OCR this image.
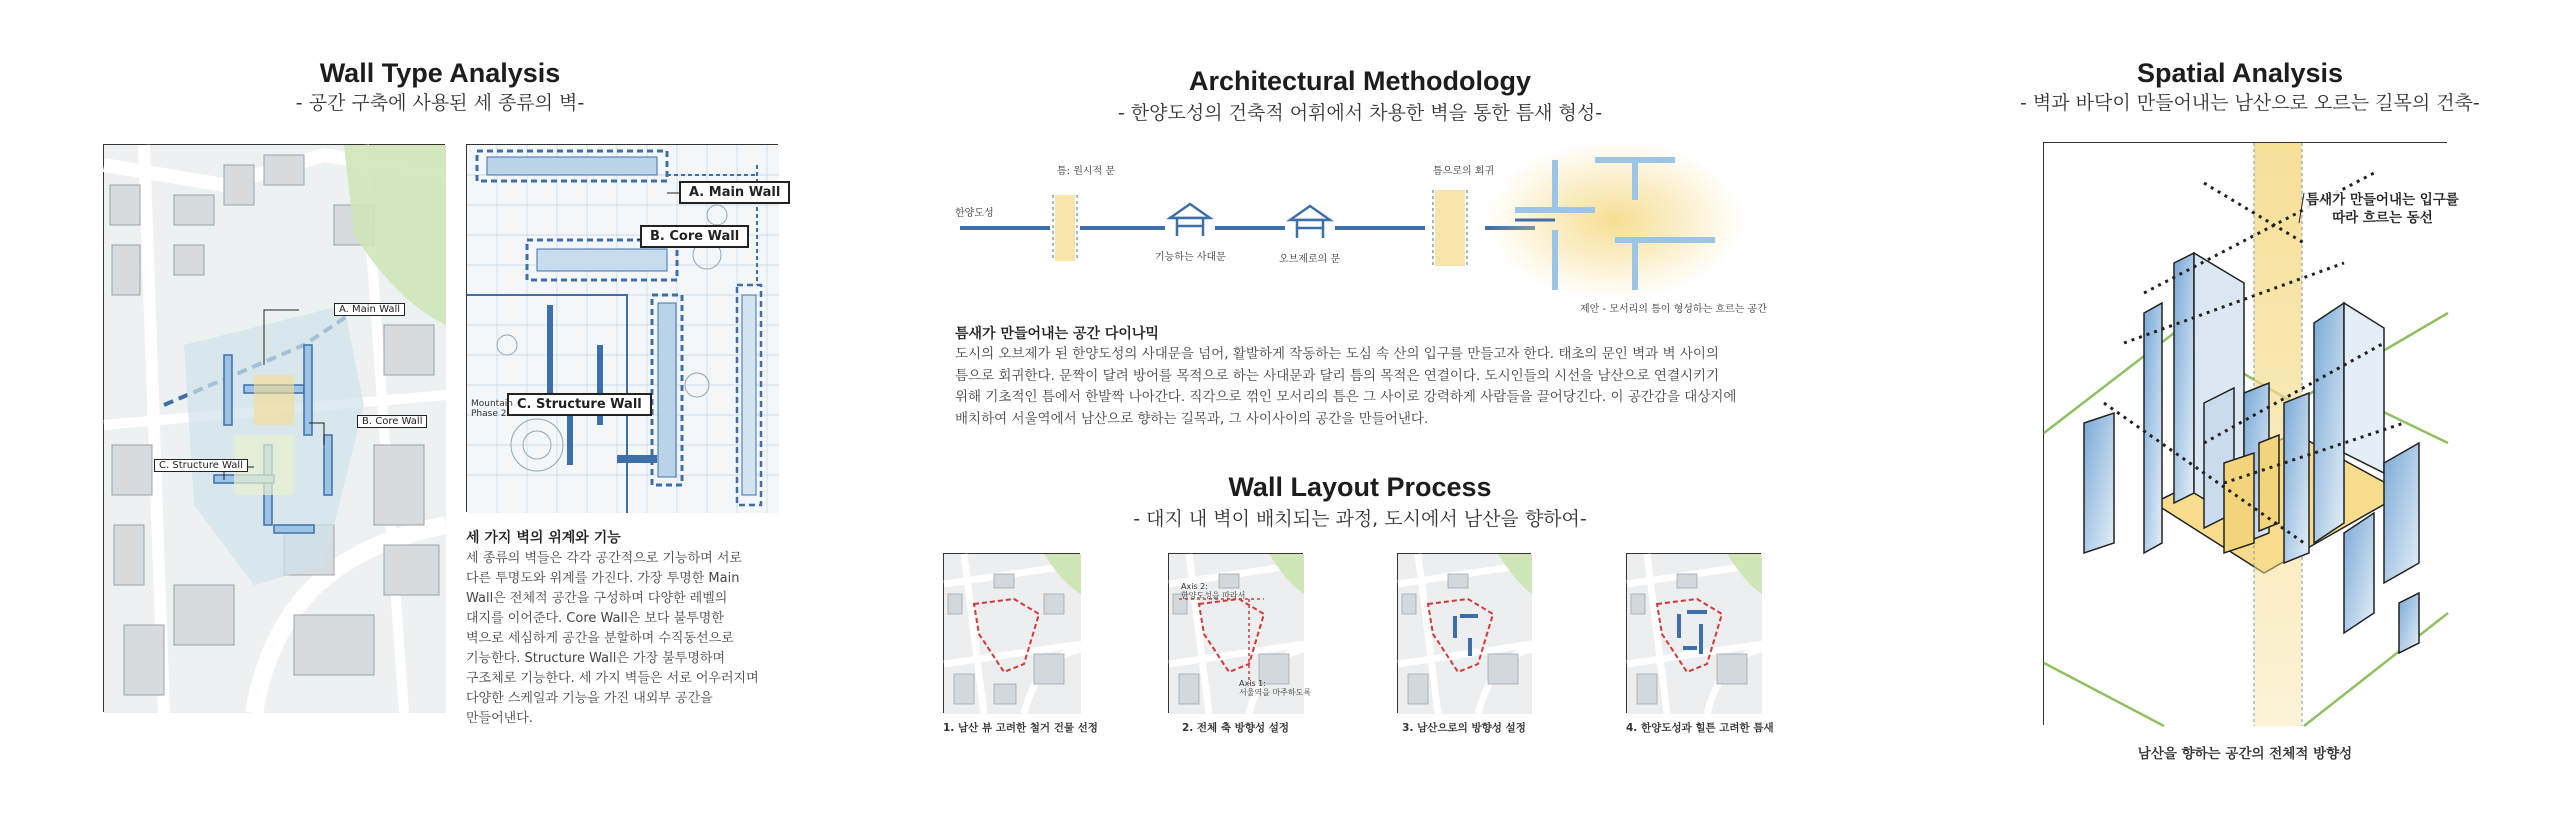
Wall Type Analysis
- 공간 구축에 사용된 세 종류의 벽-
A. Main Wall
B. Core Wall
C. Structure Wall
A. Main Wall
B. Core Wall
C. Structure Wall
Mountain
Phase 2
세 가지 벽의 위계와 기능
세 종류의 벽들은 각각 공간적으로 기능하며 서로
다른 투명도와 위계를 가진다. 가장 투명한 Main
Wall은 전체적 공간을 구성하며 다양한 레벨의
대지를 이어준다. Core Wall은 보다 불투명한
벽으로 세심하게 공간을 분할하며 수직동선으로
기능한다. Structure Wall은 가장 불투명하며
구조체로 기능한다. 세 가지 벽들은 서로 어우러지며
다양한 스케일과 기능을 가진 내외부 공간을
만들어낸다.
Architectural Methodology
- 한양도성의 건축적 어휘에서 차용한 벽을 통한 틈새 형성-
틈: 원시적 문
한양도성
기능하는 사대문	오브제로의 문
틈으로의 회귀
제안 - 모서리의 틈이 형성하는 흐르는 공간
틈새가 만들어내는 공간 다이나믹
도시의 오브제가 된 한양도성의 사대문을 넘어, 활발하게 작동하는 도심 속 산의 입구를 만들고자 한다. 태초의 문인 벽과 벽 사이의
틈으로 회귀한다. 문짝이 달려 방어를 목적으로 하는 사대문과 달리 틈의 목적은 연결이다. 도시인들의 시선을 남산으로 연결시키기
위해 기초적인 틈에서 한발짝 나아간다. 직각으로 꺾인 모서리의 틈은 그 사이로 강력하게 사람들을 끌어당긴다. 이 공간감을 대상지에
배치하여 서울역에서 남산으로 향하는 길목과, 그 사이사이의 공간을 만들어낸다.
Wall Layout Process
- 대지 내 벽이 배치되는 과정, 도시에서 남산을 향하여-
1. 남산 뷰 고려한 철거 건물 선정
Axis 2:
한양도성을 따라서
Axis 1:
서울역을 마주하도록
2. 전체 축 방향성 설정	3. 남산으로의 방향성 설정	4. 한양도성과 힐튼 고려한 틈새
Spatial Analysis
- 벽과 바닥이 만들어내는 남산으로 오르는 길목의 건축-
틈새가 만들어내는 입구를
따라 흐르는 동선
남산을 향하는 공간의 전체적 방향성
